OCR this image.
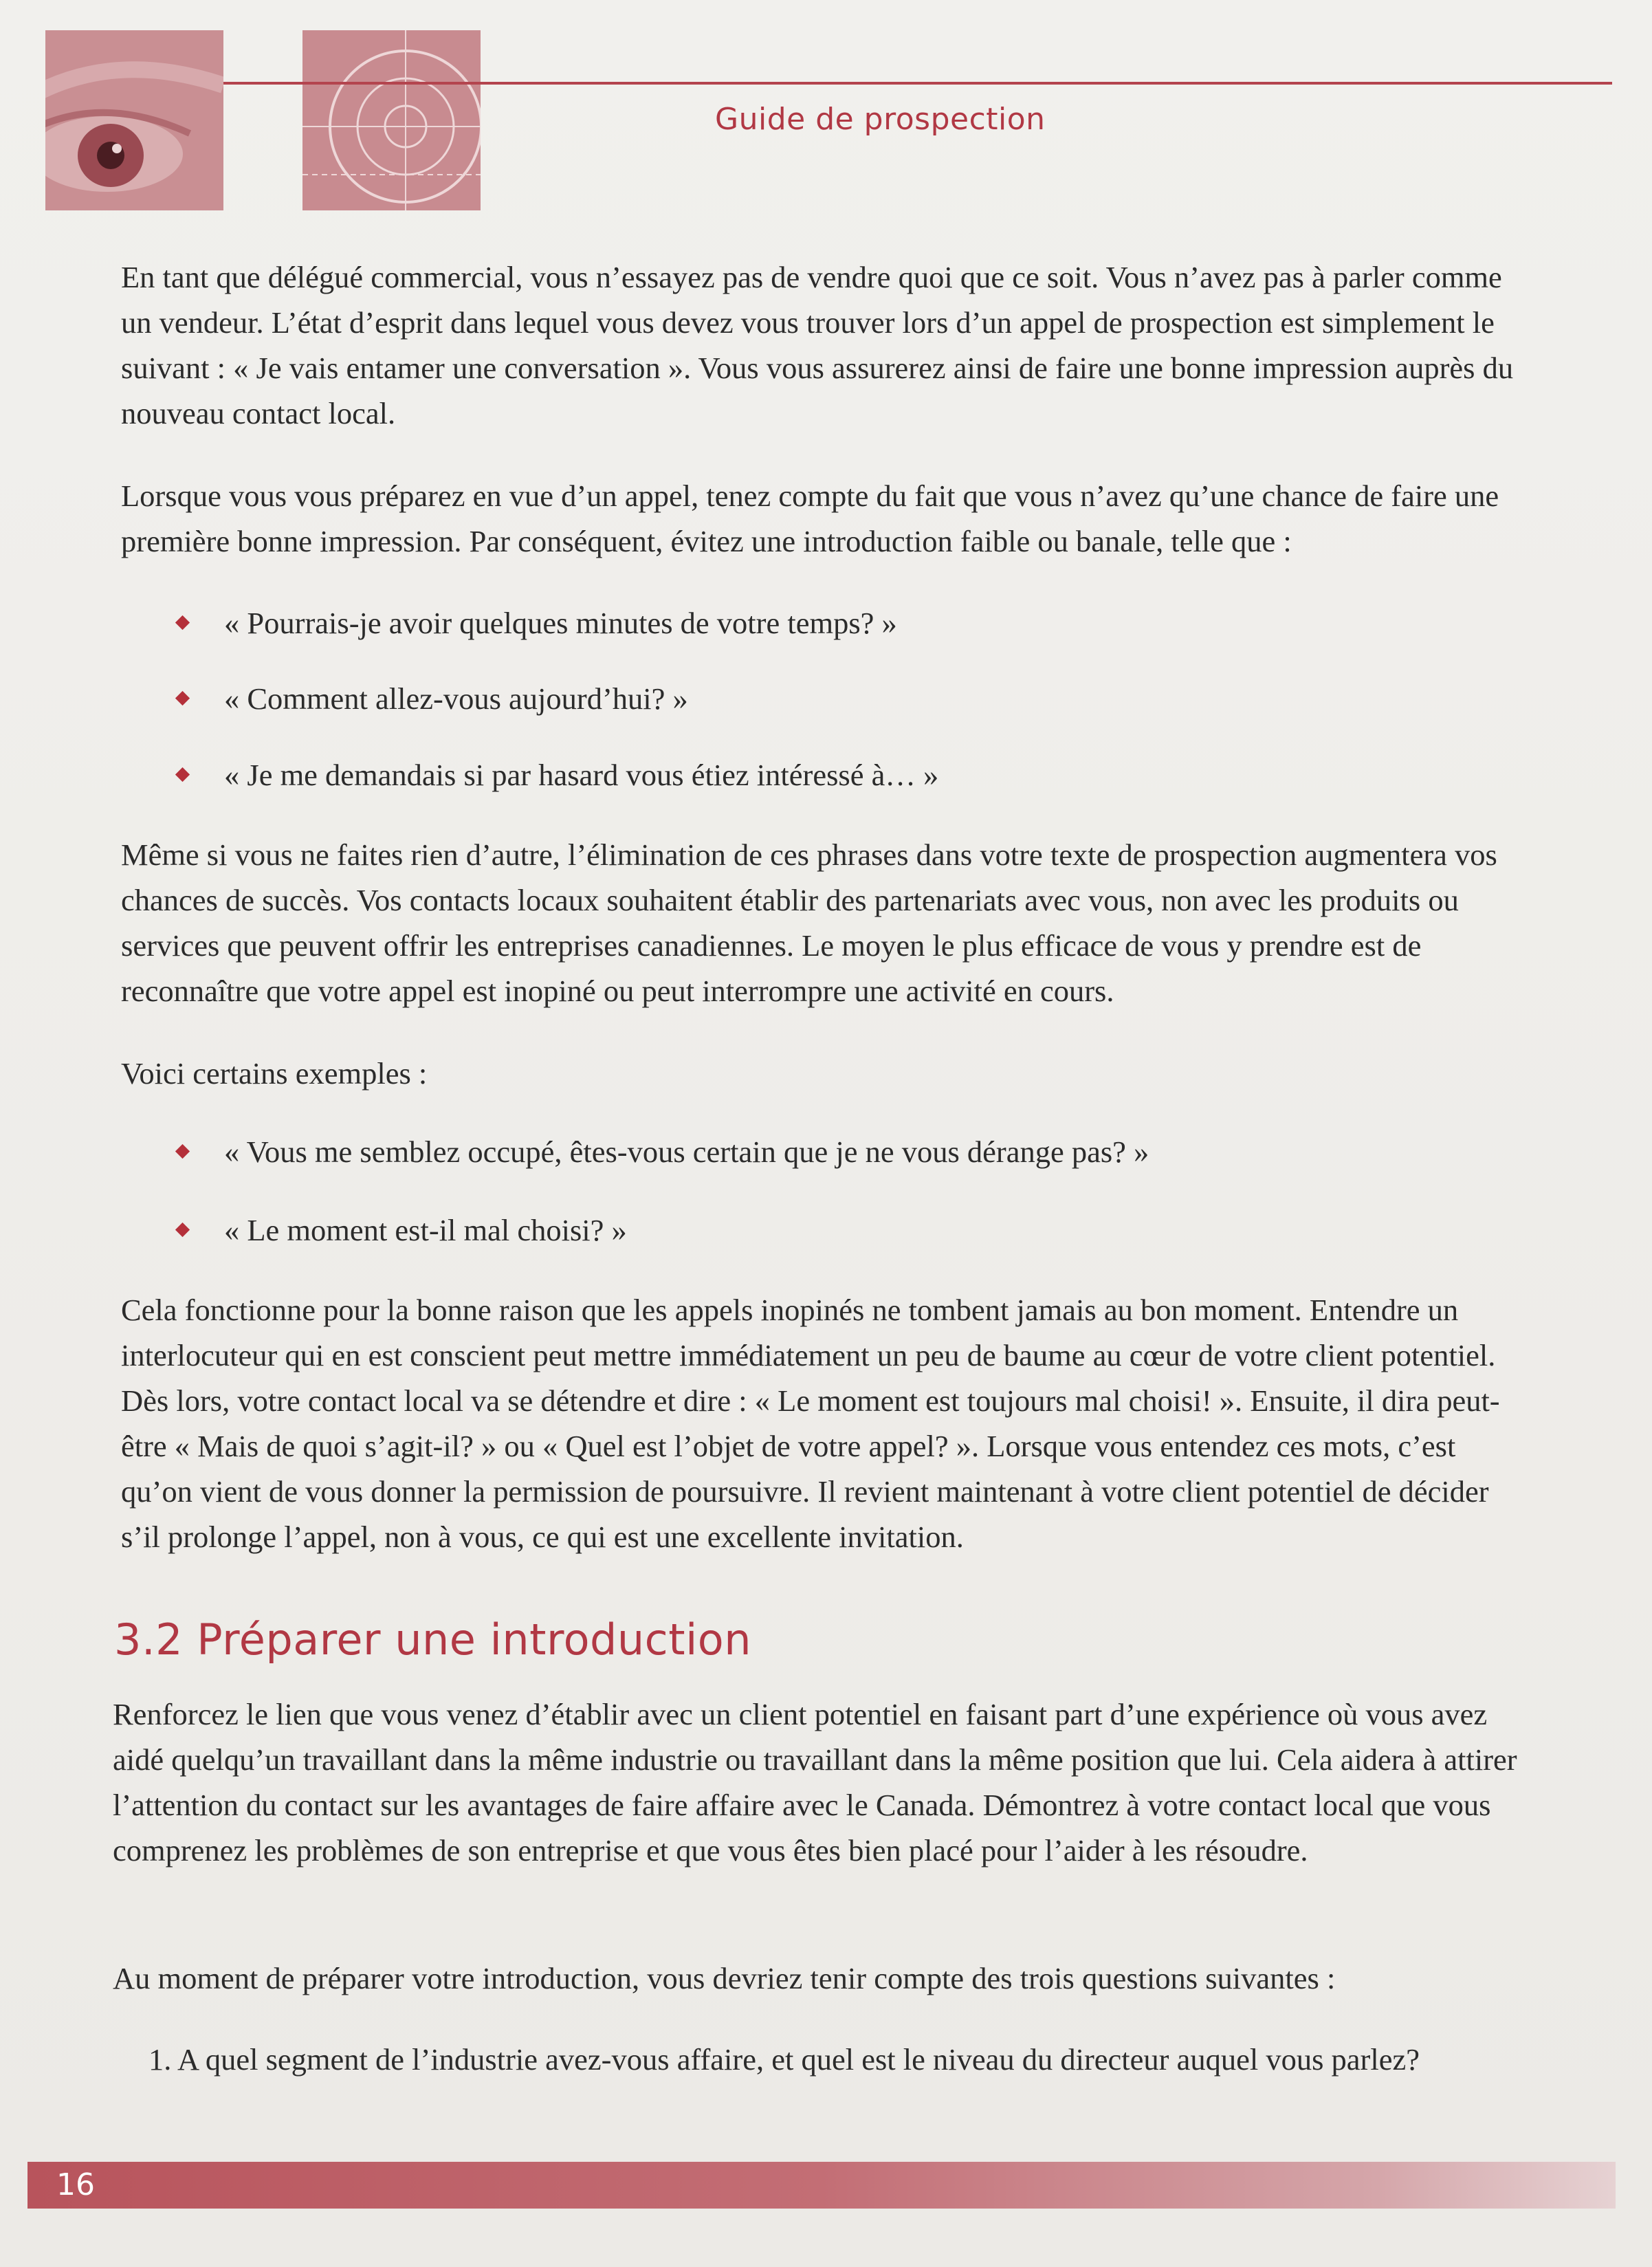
Guide de prospection

En tant que délégué commercial, vous n’essayez pas de vendre quoi que ce soit. Vous n’avez pas à parler comme un vendeur. L’état d’esprit dans lequel vous devez vous trouver lors d’un appel de prospection est simplement le suivant : « Je vais entamer une conversation ». Vous vous assurerez ainsi de faire une bonne impression auprès du nouveau contact local.

Lorsque vous vous préparez en vue d’un appel, tenez compte du fait que vous n’avez qu’une chance de faire une première bonne impression. Par conséquent, évitez une introduction faible ou banale, telle que :

« Pourrais-je avoir quelques minutes de votre temps? »
« Comment allez-vous aujourd’hui? »
« Je me demandais si par hasard vous étiez intéressé à… »

Même si vous ne faites rien d’autre, l’élimination de ces phrases dans votre texte de prospection augmentera vos chances de succès. Vos contacts locaux souhaitent établir des partenariats avec vous, non avec les produits ou services que peuvent offrir les entreprises canadiennes. Le moyen le plus efficace de vous y prendre est de reconnaître que votre appel est inopiné ou peut interrompre une activité en cours.

Voici certains exemples :

« Vous me semblez occupé, êtes-vous certain que je ne vous dérange pas? »
« Le moment est-il mal choisi? »

Cela fonctionne pour la bonne raison que les appels inopinés ne tombent jamais au bon moment. Entendre un interlocuteur qui en est conscient peut mettre immédiatement un peu de baume au cœur de votre client potentiel. Dès lors, votre contact local va se détendre et dire : « Le moment est toujours mal choisi! ». Ensuite, il dira peut-être « Mais de quoi s’agit-il? » ou « Quel est l’objet de votre appel? ». Lorsque vous entendez ces mots, c’est qu’on vient de vous donner la permission de poursuivre. Il revient maintenant à votre client potentiel de décider s’il prolonge l’appel, non à vous, ce qui est une excellente invitation.

3.2 Préparer une introduction

Renforcez le lien que vous venez d’établir avec un client potentiel en faisant part d’une expérience où vous avez aidé quelqu’un travaillant dans la même industrie ou travaillant dans la même position que lui. Cela aidera à attirer l’attention du contact sur les avantages de faire affaire avec le Canada. Démontrez à votre contact local que vous comprenez les problèmes de son entreprise et que vous êtes bien placé pour l’aider à les résoudre.

Au moment de préparer votre introduction, vous devriez tenir compte des trois questions suivantes :

1. A quel segment de l’industrie avez-vous affaire, et quel est le niveau du directeur auquel vous parlez?
16
